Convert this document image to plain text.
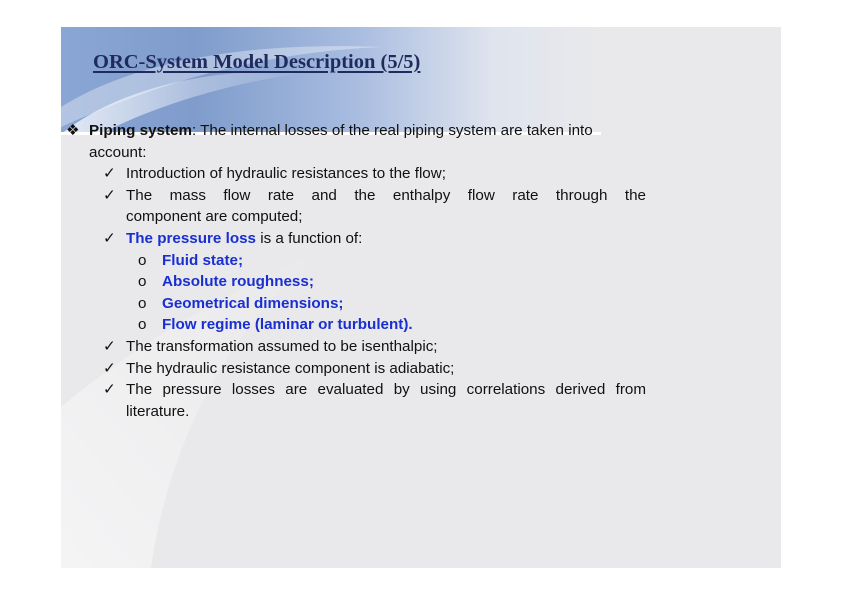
ORC-System Model Description (5/5)
❖ Piping system: The internal losses of the real piping system are taken into
account:
✓ Introduction of hydraulic resistances to the flow;
✓ The mass flow rate and the enthalpy flow rate through the
component are computed;
✓ The pressure loss is a function of:
o Fluid state;
o Absolute roughness;
o Geometrical dimensions;
o Flow regime (laminar or turbulent).
✓ The transformation assumed to be isenthalpic;
✓ The hydraulic resistance component is adiabatic;
✓ The pressure losses are evaluated by using correlations derived from
literature.
